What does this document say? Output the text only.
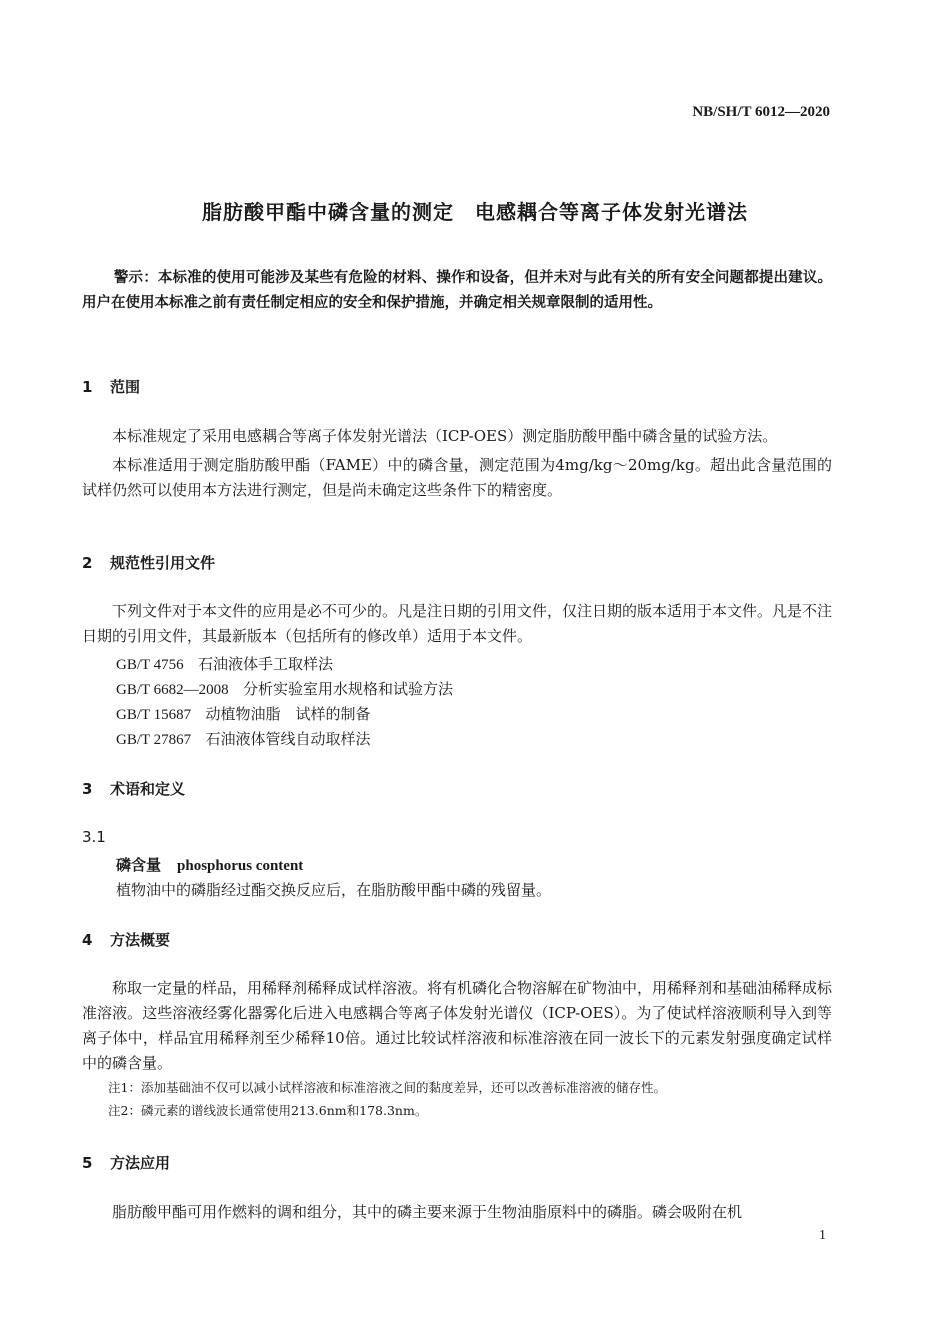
NB/SH/T 6012—2020
脂肪酸甲酯中磷含量的测定　电感耦合等离子体发射光谱法
警示：本标准的使用可能涉及某些有危险的材料、操作和设备，但并未对与此有关的所有安全问题都提出建议。用户在使用本标准之前有责任制定相应的安全和保护措施，并确定相关规章限制的适用性。
1 范围
本标准规定了采用电感耦合等离子体发射光谱法（ICP-OES）测定脂肪酸甲酯中磷含量的试验方法。
本标准适用于测定脂肪酸甲酯（FAME）中的磷含量，测定范围为4mg/kg～20mg/kg。超出此含量范围的试样仍然可以使用本方法进行测定，但是尚未确定这些条件下的精密度。
2 规范性引用文件
下列文件对于本文件的应用是必不可少的。凡是注日期的引用文件，仅注日期的版本适用于本文件。凡是不注日期的引用文件，其最新版本（包括所有的修改单）适用于本文件。
GB/T 4756 石油液体手工取样法
GB/T 6682—2008 分析实验室用水规格和试验方法
GB/T 15687 动植物油脂　试样的制备
GB/T 27867 石油液体管线自动取样法
3 术语和定义
3.1
磷含量 phosphorus content
植物油中的磷脂经过酯交换反应后，在脂肪酸甲酯中磷的残留量。
4 方法概要
称取一定量的样品，用稀释剂稀释成试样溶液。将有机磷化合物溶解在矿物油中，用稀释剂和基础油稀释成标准溶液。这些溶液经雾化器雾化后进入电感耦合等离子体发射光谱仪（ICP-OES）。为了使试样溶液顺利导入到等离子体中，样品宜用稀释剂至少稀释10倍。通过比较试样溶液和标准溶液在同一波长下的元素发射强度确定试样中的磷含量。
注1：添加基础油不仅可以减小试样溶液和标准溶液之间的黏度差异，还可以改善标准溶液的储存性。
注2：磷元素的谱线波长通常使用213.6nm和178.3nm。
5 方法应用
脂肪酸甲酯可用作燃料的调和组分，其中的磷主要来源于生物油脂原料中的磷脂。磷会吸附在机
1
